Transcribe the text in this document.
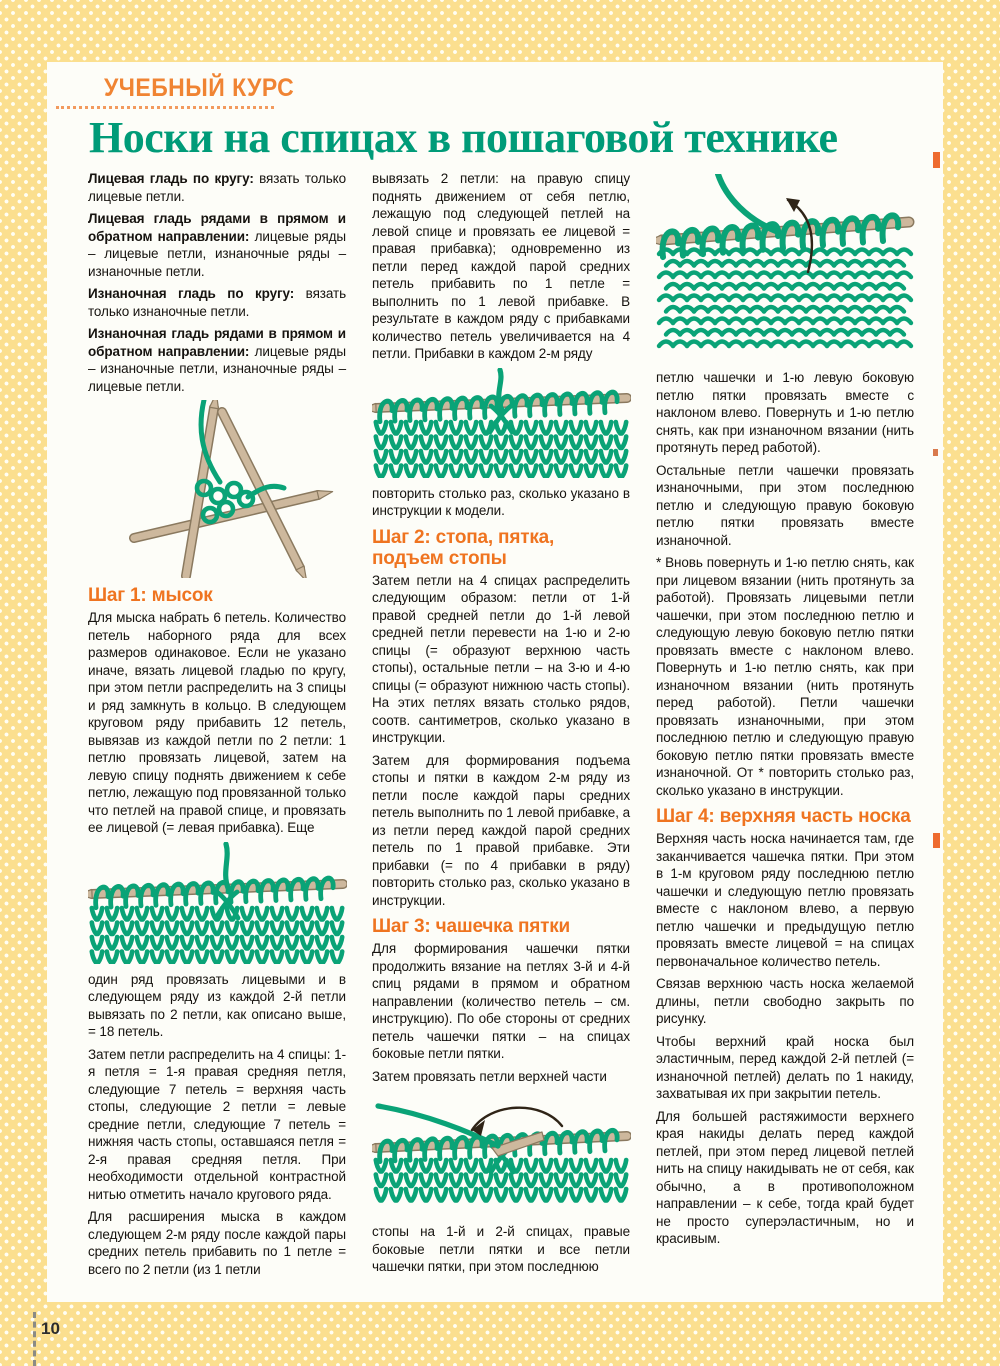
УЧЕБНЫЙ КУРС
Носки на спицах в пошаговой технике

Лицевая гладь по кругу: вязать только лицевые петли.

Лицевая гладь рядами в прямом и обратном направлении: лицевые ряды – лицевые петли, изнаночные ряды – изнаночные петли.

Изнаночная гладь по кругу: вязать только изнаночные петли.

Изнаночная гладь рядами в прямом и обратном направлении: лицевые ряды – изнаночные петли, изнаночные ряды – лицевые петли.

Шаг 1: мысок

Для мыска набрать 6 петель. Количество петель наборного ряда для всех размеров одинаковое. Если не указано иначе, вязать лицевой гладью по кругу, при этом петли распределить на 3 спицы и ряд замкнуть в кольцо. В следующем круговом ряду прибавить 12 петель, вывязав из каждой петли по 2 петли: 1 петлю провязать лицевой, затем на левую спицу поднять движением к себе петлю, лежащую под провязанной только что петлей на правой спице, и провязать ее лицевой (= левая прибавка). Еще

один ряд провязать лицевыми и в следующем ряду из каждой 2-й петли вывязать по 2 петли, как описано выше, = 18 петель.

Затем петли распределить на 4 спицы: 1-я петля = 1-я правая средняя петля, следующие 7 петель = верхняя часть стопы, следующие 2 петли = левые средние петли, следующие 7 петель = нижняя часть стопы, оставшаяся петля = 2-я правая средняя петля. При необходимости отдельной контрастной нитью отметить начало кругового ряда.

Для расширения мыска в каждом следующем 2-м ряду после каждой пары средних петель прибавить по 1 петле = всего по 2 петли (из 1 петли

вывязать 2 петли: на правую спицу поднять движением от себя петлю, лежащую под следующей петлей на левой спице и провязать ее лицевой = правая прибавка); одновременно из петли перед каждой парой средних петель прибавить по 1 петле = выполнить по 1 левой прибавке. В результате в каждом ряду с прибавками количество петель увеличивается на 4 петли. Прибавки в каждом 2-м ряду

повторить столько раз, сколько указано в инструкции к модели.

Шаг 2: стопа, пятка, подъем стопы

Затем петли на 4 спицах распределить следующим образом: петли от 1-й правой средней петли до 1-й левой средней петли перевести на 1-ю и 2-ю спицы (= образуют верхнюю часть стопы), остальные петли – на 3-ю и 4-ю спицы (= образуют нижнюю часть стопы). На этих петлях вязать столько рядов, соотв. сантиметров, сколько указано в инструкции.

Затем для формирования подъема стопы и пятки в каждом 2-м ряду из петли после каждой пары средних петель выполнить по 1 левой прибавке, а из петли перед каждой парой средних петель по 1 правой прибавке. Эти прибавки (= по 4 прибавки в ряду) повторить столько раз, сколько указано в инструкции.

Шаг 3: чашечка пятки

Для формирования чашечки пятки продолжить вязание на петлях 3-й и 4-й спиц рядами в прямом и обратном направлении (количество петель – см. инструкцию). По обе стороны от средних петель чашечки пятки – на спицах боковые петли пятки.

Затем провязать петли верхней части

стопы на 1-й и 2-й спицах, правые боковые петли пятки и все петли чашечки пятки, при этом последнюю

петлю чашечки и 1-ю левую боковую петлю пятки провязать вместе с наклоном влево. Повернуть и 1-ю петлю снять, как при изнаночном вязании (нить протянуть перед работой).

Остальные петли чашечки провязать изнаночными, при этом последнюю петлю и следующую правую боковую петлю пятки провязать вместе изнаночной.

* Вновь повернуть и 1-ю петлю снять, как при лицевом вязании (нить протянуть за работой). Провязать лицевыми петли чашечки, при этом последнюю петлю и следующую левую боковую петлю пятки провязать вместе с наклоном влево. Повернуть и 1-ю петлю снять, как при изнаночном вязании (нить протянуть перед работой). Петли чашечки провязать изнаночными, при этом последнюю петлю и следующую правую боковую петлю пятки провязать вместе изнаночной. От * повторить столько раз, сколько указано в инструкции.

Шаг 4: верхняя часть носка

Верхняя часть носка начинается там, где заканчивается чашечка пятки. При этом в 1-м круговом ряду последнюю петлю чашечки и следующую петлю провязать вместе с наклоном влево, а первую петлю чашечки и предыдущую петлю провязать вместе лицевой = на спицах первоначальное количество петель.

Связав верхнюю часть носка желаемой длины, петли свободно закрыть по рисунку.

Чтобы верхний край носка был эластичным, перед каждой 2-й петлей (= изнаночной петлей) делать по 1 накиду, захватывая их при закрытии петель.

Для большей растяжимости верхнего края накиды делать перед каждой петлей, при этом перед лицевой петлей нить на спицу накидывать не от себя, как обычно, а в противоположном направлении – к себе, тогда край будет не просто суперэластичным, но и красивым.

10
